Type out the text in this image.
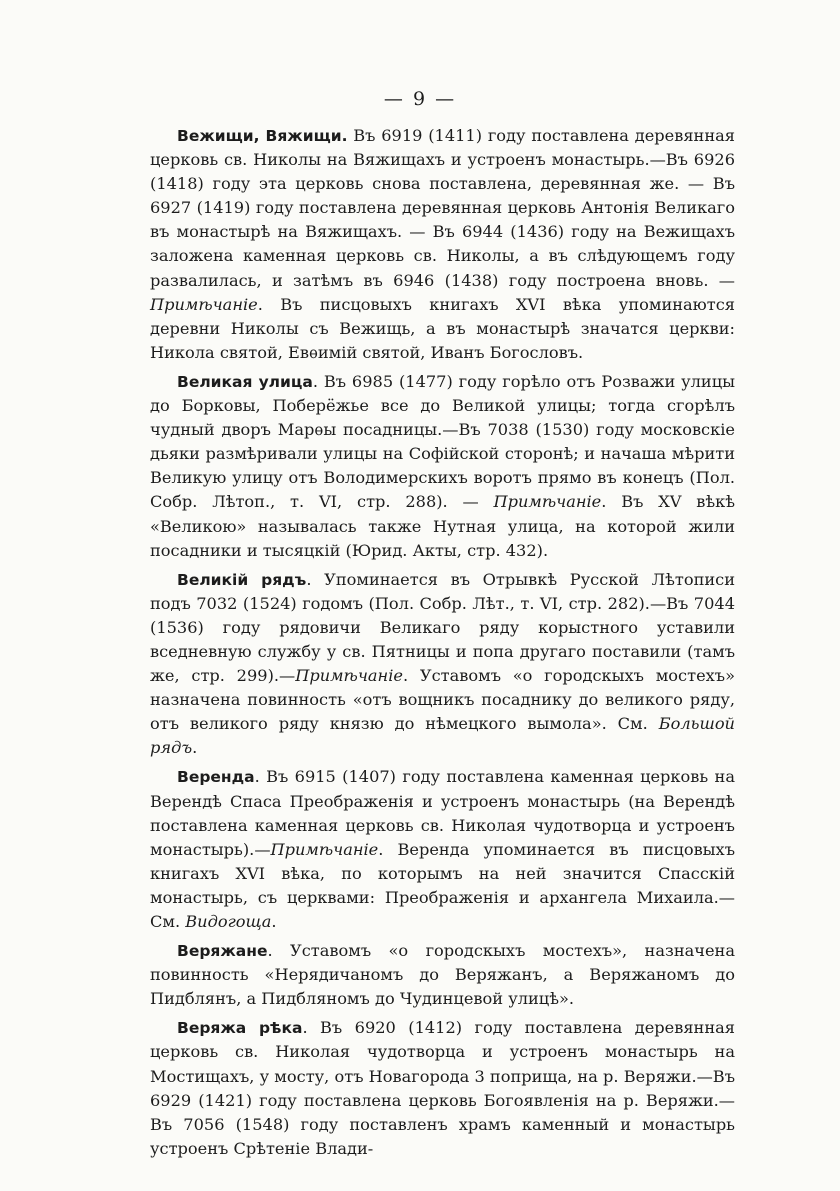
— 9 —

Вежищи, Вяжищи. Въ 6919 (1411) году поставлена деревянная церковь св. Николы на Вяжищахъ и устроенъ монастырь.—Въ 6926 (1418) году эта церковь снова поставлена, деревянная же. — Въ 6927 (1419) году поставлена деревянная церковь Антонія Великаго въ монастырѣ на Вяжищахъ. — Въ 6944 (1436) году на Вежищахъ заложена каменная церковь св. Николы, а въ слѣдующемъ году развалилась, и затѣмъ въ 6946 (1438) году построена вновь. — Примѣчаніе. Въ писцовыхъ книгахъ XVI вѣка упоминаются деревни Николы съ Вежищь, а въ монастырѣ значатся церкви: Никола святой, Евѳимій святой, Иванъ Богословъ.

Великая улица. Въ 6985 (1477) году горѣло отъ Розважи улицы до Борковы, Поберёжье все до Великой улицы; тогда сгорѣлъ чудный дворъ Марѳы посадницы.—Въ 7038 (1530) году московскіе дьяки размѣривали улицы на Софійской сторонѣ; и начаша мѣрити Великую улицу отъ Володимерскихъ воротъ прямо въ конецъ (Пол. Собр. Лѣтоп., т. VI, стр. 288). — Примѣчаніе. Въ XV вѣкѣ «Великою» называлась также Нутная улица, на которой жили посадники и тысяцкій (Юрид. Акты, стр. 432).

Великій рядъ. Упоминается въ Отрывкѣ Русской Лѣтописи подъ 7032 (1524) годомъ (Пол. Собр. Лѣт., т. VI, стр. 282).—Въ 7044 (1536) году рядовичи Великаго ряду корыстного уставили вседневную службу у св. Пятницы и попа другаго поставили (тамъ же, стр. 299).—Примѣчаніе. Уставомъ «о городскыхъ мостехъ» назначена повинность «отъ вощникъ посаднику до великого ряду, отъ великого ряду князю до нѣмецкого вымола». См. Большой рядъ.

Веренда. Въ 6915 (1407) году поставлена каменная церковь на Верендѣ Спаса Преображенія и устроенъ монастырь (на Верендѣ поставлена каменная церковь св. Николая чудотворца и устроенъ монастырь).—Примѣчаніе. Веренда упоминается въ писцовыхъ книгахъ XVI вѣка, по которымъ на ней значится Спасскій монастырь, съ церквами: Преображенія и архангела Михаила.—См. Видогоща.

Веряжане. Уставомъ «о городскыхъ мостехъ», назначена повинность «Нерядичаномъ до Веряжанъ, а Веряжаномъ до Пидблянъ, а Пидбляномъ до Чудинцевой улицѣ».

Веряжа рѣка. Въ 6920 (1412) году поставлена деревянная церковь св. Николая чудотворца и устроенъ монастырь на Мостищахъ, у мосту, отъ Новагорода 3 поприща, на р. Веряжи.—Въ 6929 (1421) году поставлена церковь Богоявленія на р. Веряжи.—Въ 7056 (1548) году поставленъ храмъ каменный и монастырь устроенъ Срѣтеніе Влади-
